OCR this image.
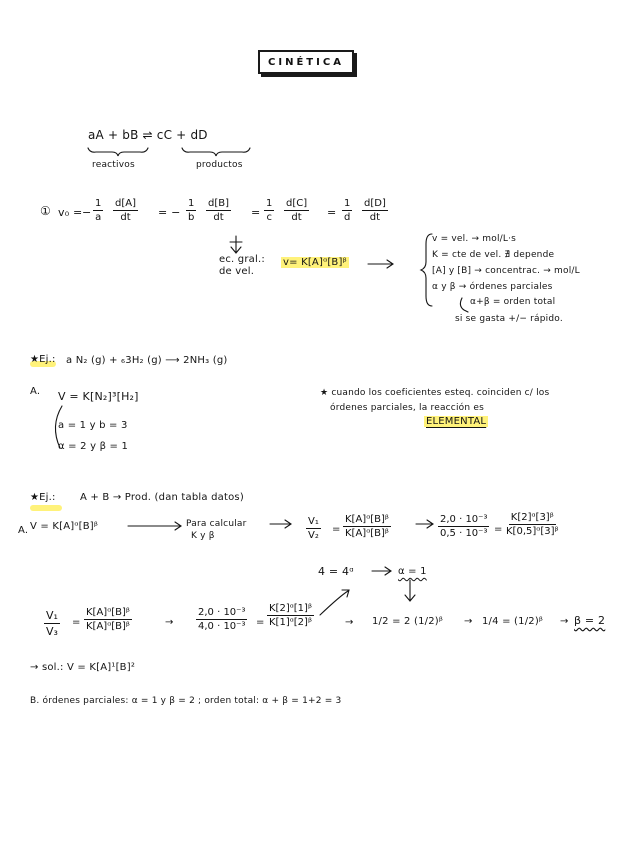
CINÉTICA
aA + bB ⇌ cC + dD
reactivos	productos
① v₀ = − $\frac{1}{a} \frac{d[A]}{dt}$ = − $\frac{1}{b} \frac{d[B]}{dt} = \frac{1}{c} \frac{d[C]}{dt} = \frac{1}{d} \frac{d[D]}{dt}$
ec. gral.:
de vel.
v= K[A]ᵅ[B]ᵝ
v = vel. → mol/L·s
K = cte de vel. ∄ depende
[A] y [B] → concentrac. → mol/L
α y β → órdenes parciales
α+β = orden total
si se gasta +/− rápido.
★Ej.: a N₂ (g) + ₆3H₂ (g) ⟶ 2NH₃ (g)
A. V = K[N₂]³[H₂]
a = 1 y b = 3
α = 2 y β = 1
★ cuando los coeficientes esteq. coinciden c/ los
órdenes parciales, la reacción es
ELEMENTAL
★Ej.: A + B → Prod. (dan tabla datos)
A. V = K[A]ᵅ[B]ᵝ	Para calcular
K y β	$\frac{\text{V₁}}{\text{V₂}} = \frac{\text{K[A]ᵅ[B]ᵝ}}{\text{K[A]ᵅ[B]ᵝ}}$	$\frac{\text{2,0 · 10⁻³}}{\text{0,5 · 10⁻³}} = \frac{\text{K[2]ᵅ[3]ᵝ}}{\text{K[0,5]ᵅ[3]ᵝ}}$
4 = 4ᵅ	α = 1
$\frac{\text{V₁}}{\text{V₃}} = \frac{\text{K[A]ᵅ[B]ᵝ}}{\text{K[A]ᵅ[B]ᵝ}}$	→ $\frac{\text{2,0 · 10⁻³}}{\text{4,0 · 10⁻³}} = \frac{\text{K[2]ᵅ[1]ᵝ}}{\text{K[1]ᵅ[2]ᵝ}}$	→ 1/2 = 2 (1/2)ᵝ → 1/4 = (1/2)ᵝ → β = 2
→ sol.: V = K[A]¹[B]²
B. órdenes parciales: α = 1 y β = 2 ; orden total: α + β = 1+2 = 3
